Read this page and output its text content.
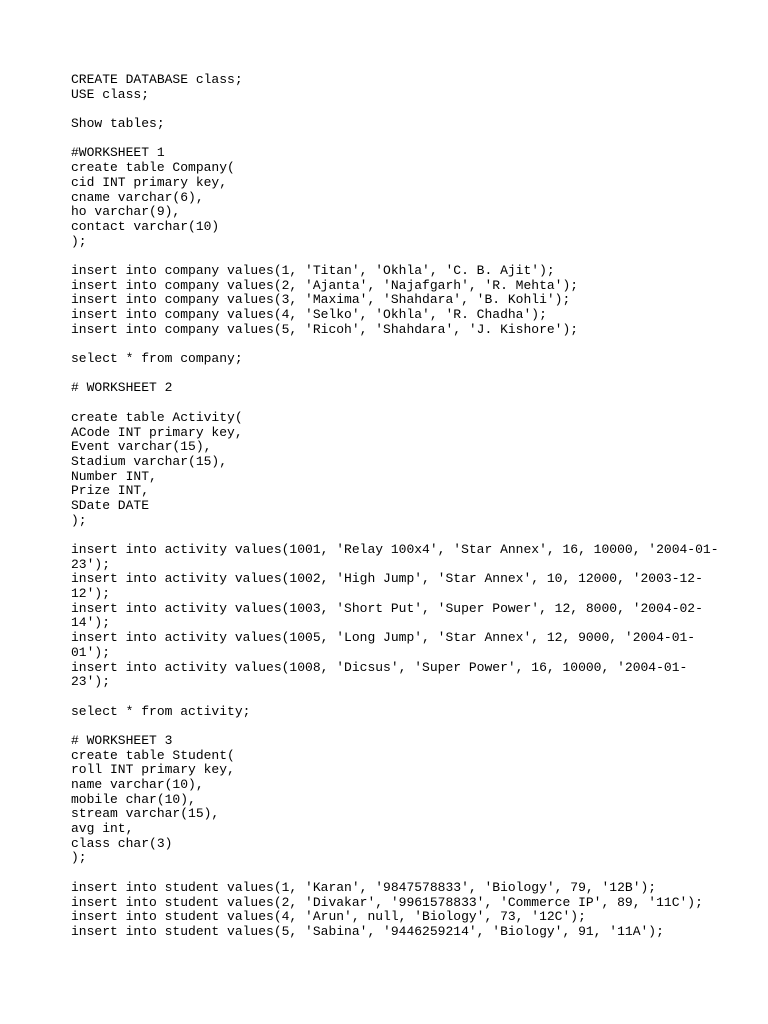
CREATE DATABASE class;
USE class;
Show tables;
#WORKSHEET 1
create table Company(
cid INT primary key,
cname varchar(6),
ho varchar(9),
contact varchar(10)
);
insert into company values(1, 'Titan', 'Okhla', 'C. B. Ajit');
insert into company values(2, 'Ajanta', 'Najafgarh', 'R. Mehta');
insert into company values(3, 'Maxima', 'Shahdara', 'B. Kohli');
insert into company values(4, 'Selko', 'Okhla', 'R. Chadha');
insert into company values(5, 'Ricoh', 'Shahdara', 'J. Kishore');
select * from company;
# WORKSHEET 2
create table Activity(
ACode INT primary key,
Event varchar(15),
Stadium varchar(15),
Number INT,
Prize INT,
SDate DATE
);
insert into activity values(1001, 'Relay 100x4', 'Star Annex', 16, 10000, '2004-01-
23');
insert into activity values(1002, 'High Jump', 'Star Annex', 10, 12000, '2003-12-
12');
insert into activity values(1003, 'Short Put', 'Super Power', 12, 8000, '2004-02-
14');
insert into activity values(1005, 'Long Jump', 'Star Annex', 12, 9000, '2004-01-
01');
insert into activity values(1008, 'Dicsus', 'Super Power', 16, 10000, '2004-01-
23');
select * from activity;
# WORKSHEET 3
create table Student(
roll INT primary key,
name varchar(10),
mobile char(10),
stream varchar(15),
avg int,
class char(3)
);
insert into student values(1, 'Karan', '9847578833', 'Biology', 79, '12B');
insert into student values(2, 'Divakar', '9961578833', 'Commerce IP', 89, '11C');
insert into student values(4, 'Arun', null, 'Biology', 73, '12C');
insert into student values(5, 'Sabina', '9446259214', 'Biology', 91, '11A');
